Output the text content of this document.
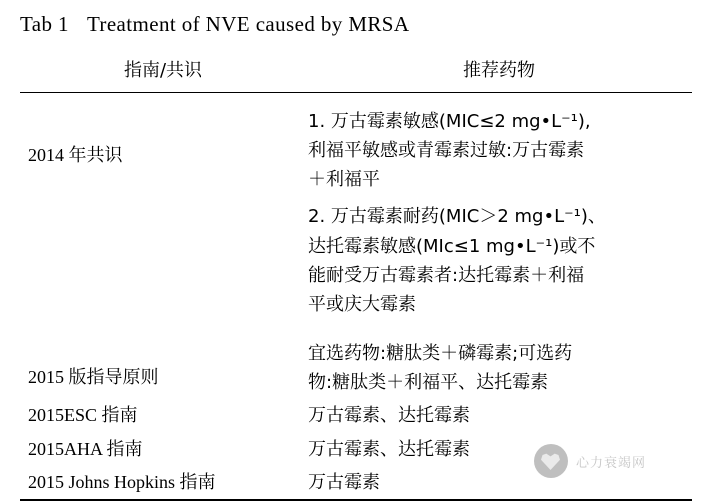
Tab 1 Treatment of NVE caused by MRSA
指南/共识	推荐药物

2014 年共识	1. 万古霉素敏感(MIC≤2 mg•L⁻¹),
利福平敏感或青霉素过敏:万古霉素
＋利福平

	2. 万古霉素耐药(MIC＞2 mg•L⁻¹)、
达托霉素敏感(MIc≤1 mg•L⁻¹)或不
能耐受万古霉素者:达托霉素＋利福
平或庆大霉素

2015 版指导原则	宜选药物:糖肽类＋磷霉素;可选药
物:糖肽类＋利福平、达托霉素

2015ESC 指南	万古霉素、达托霉素
2015AHA 指南	万古霉素、达托霉素
2015 Johns Hopkins 指南	万古霉素

心力衰竭网
